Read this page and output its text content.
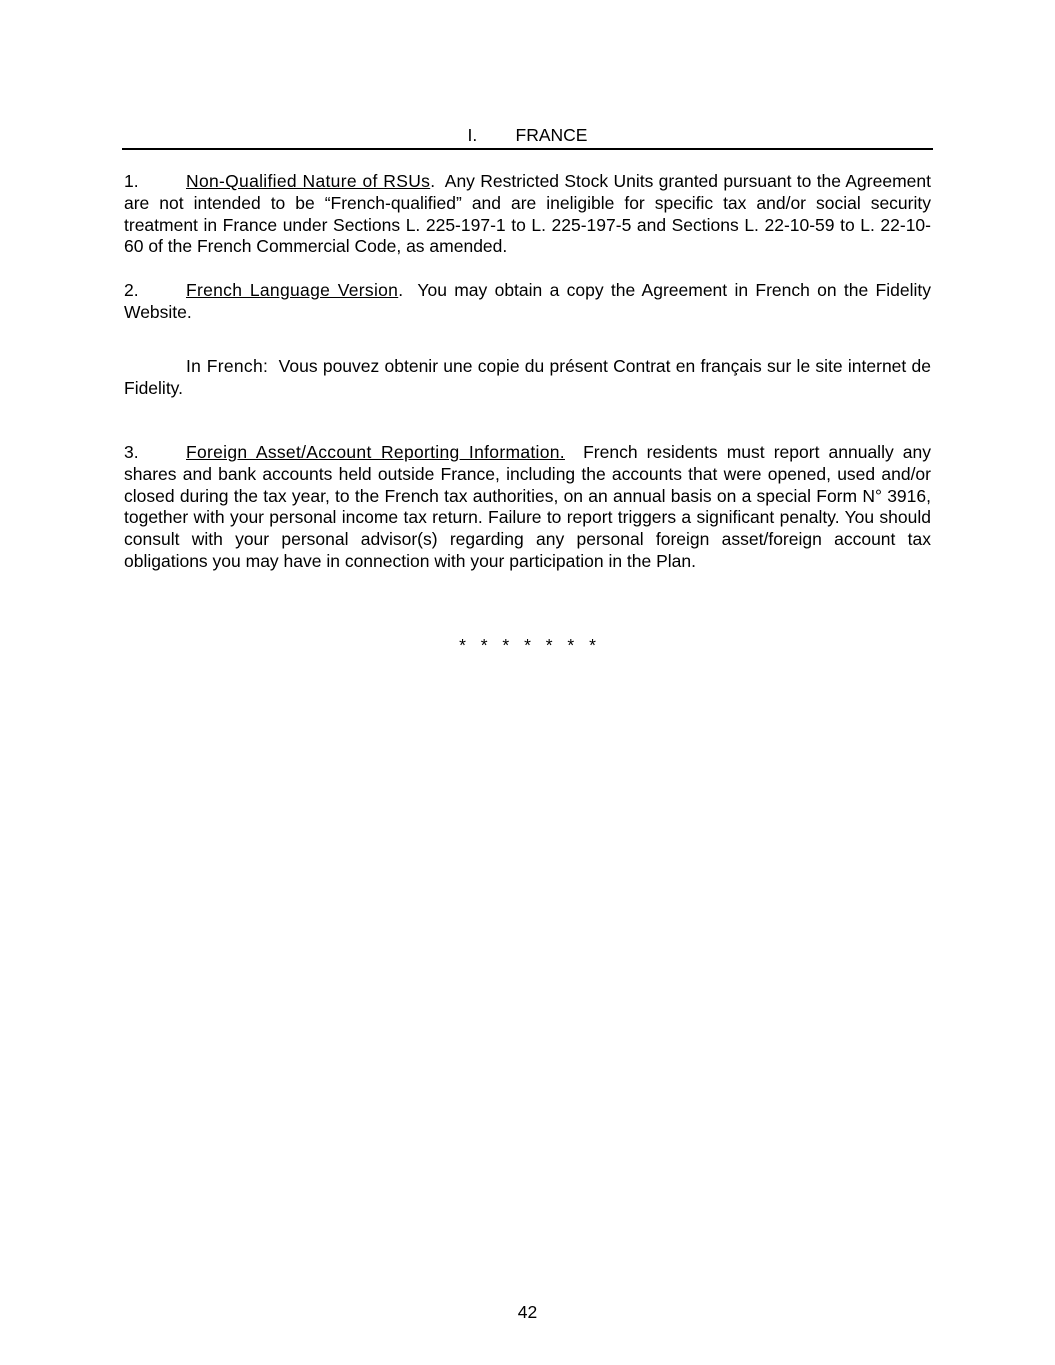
I. FRANCE
1.	Non-Qualified Nature of RSUs. Any Restricted Stock Units granted pursuant to the Agreement are not intended to be “French-qualified” and are ineligible for specific tax and/or social security treatment in France under Sections L. 225-197-1 to L. 225-197-5 and Sections L. 22-10-59 to L. 22-10-60 of the French Commercial Code, as amended.
2.	French Language Version. You may obtain a copy the Agreement in French on the Fidelity Website.
In French: Vous pouvez obtenir une copie du présent Contrat en français sur le site internet de Fidelity.
3.	Foreign Asset/Account Reporting Information. French residents must report annually any shares and bank accounts held outside France, including the accounts that were opened, used and/or closed during the tax year, to the French tax authorities, on an annual basis on a special Form N° 3916, together with your personal income tax return. Failure to report triggers a significant penalty. You should consult with your personal advisor(s) regarding any personal foreign asset/foreign account tax obligations you may have in connection with your participation in the Plan.
* * * * * * *
42
